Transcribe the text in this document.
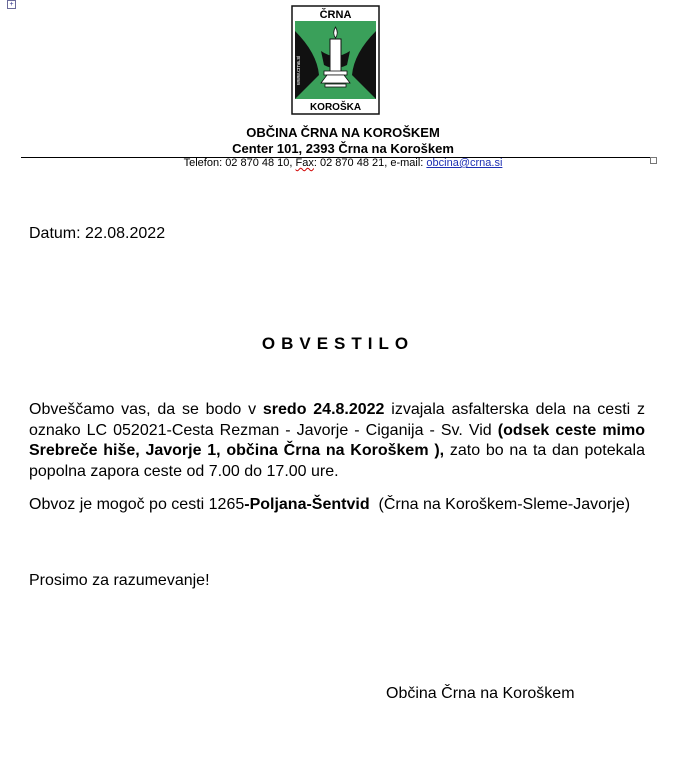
+
ČRNA
KOROŠKA
www.crna.si
OBČINA ČRNA NA KOROŠKEM
Center 101, 2393 Črna na Koroškem
Telefon: 02 870 48 10, Fax: 02 870 48 21, e-mail: obcina@crna.si
Datum: 22.08.2022
OBVESTILO
Obveščamo vas, da se bodo v sredo 24.8.2022 izvajala asfalterska dela na cesti z oznako LC 052021-Cesta Rezman - Javorje - Ciganija - Sv. Vid (odsek ceste mimo Srebreče hiše, Javorje 1, občina Črna na Koroškem ), zato bo na ta dan potekala popolna zapora ceste od 7.00 do 17.00 ure.
Obvoz je mogoč po cesti 1265-Poljana-Šentvid  (Črna na Koroškem-Sleme-Javorje)
Prosimo za razumevanje!
Občina Črna na Koroškem
